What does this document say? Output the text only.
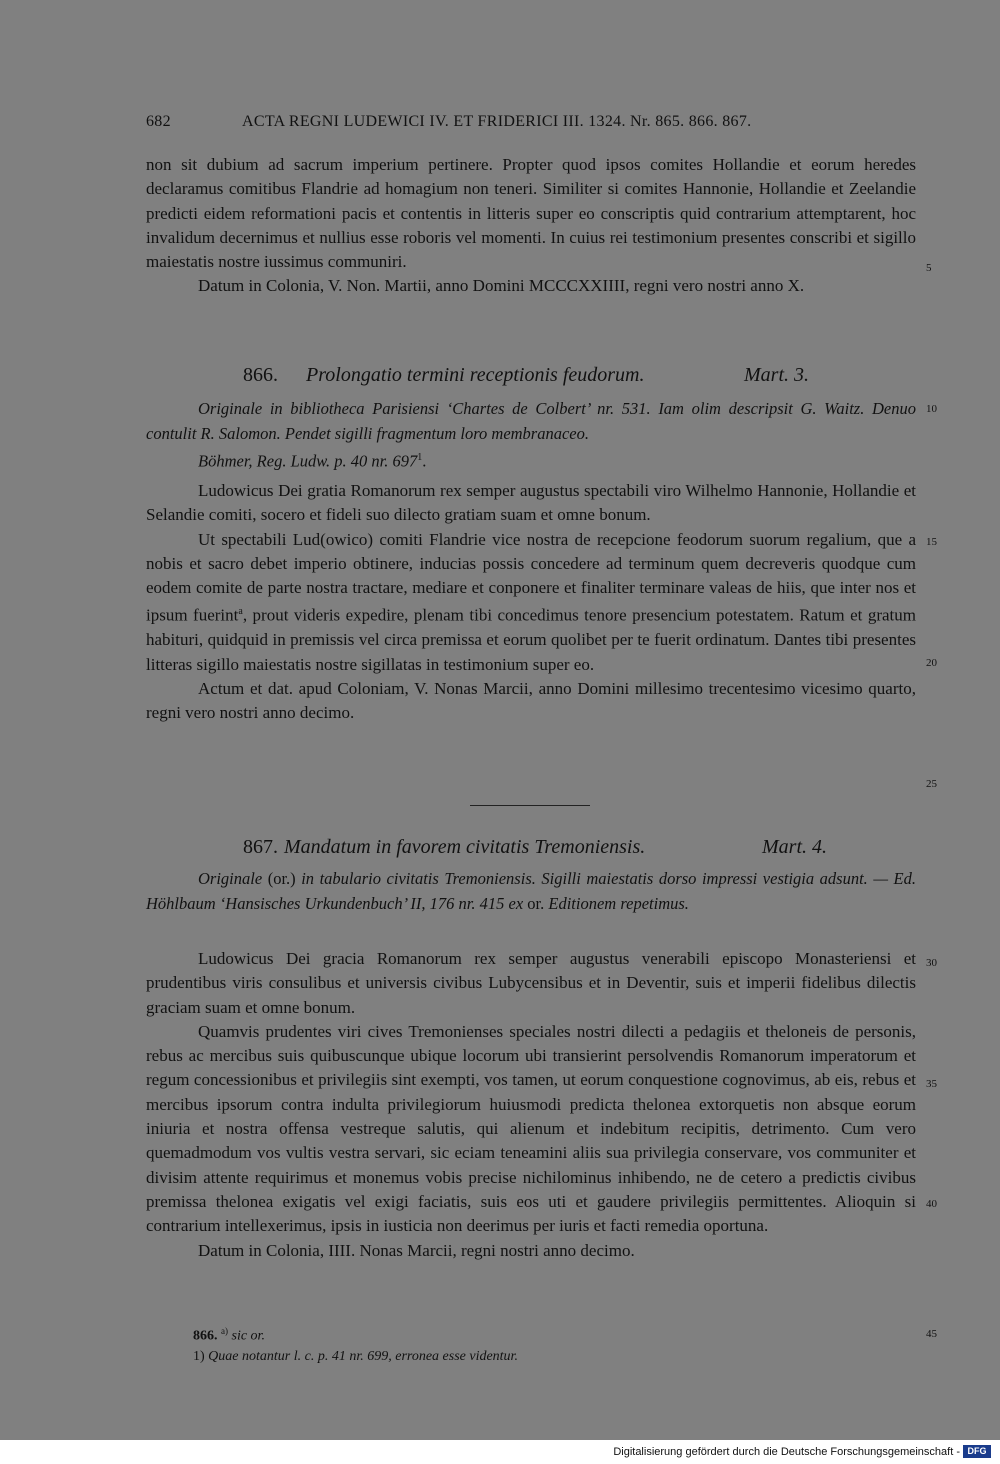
682	ACTA REGNI LUDEWICI IV. ET FRIDERICI III. 1324. Nr. 865. 866. 867.

non sit dubium ad sacrum imperium pertinere. Propter quod ipsos comites Hollandie et eorum heredes declaramus comitibus Flandrie ad homagium non teneri. Similiter si comites Hannonie, Hollandie et Zeelandie predicti eidem reformationi pacis et contentis in litteris super eo conscriptis quid contrarium attemptarent, hoc invalidum decernimus et nullius esse roboris vel momenti. In cuius rei testimonium presentes conscribi et sigillo maiestatis nostre iussimus communiri.

Datum in Colonia, V. Non. Martii, anno Domini MCCCXXIIII, regni vero nostri anno X.

866. Prolongatio termini receptionis feudorum.	Mart. 3.

Originale in bibliotheca Parisiensi ‘Chartes de Colbert’ nr. 531. Iam olim descripsit G. Waitz. Denuo contulit R. Salomon. Pendet sigilli fragmentum loro membranaceo.

Böhmer, Reg. Ludw. p. 40 nr. $697^1$.

Ludowicus Dei gratia Romanorum rex semper augustus spectabili viro Wilhelmo Hannonie, Hollandie et Selandie comiti, socero et fideli suo dilecto gratiam suam et omne bonum.

Ut spectabili Lud(owico) comiti Flandrie vice nostra de recepcione feodorum suorum regalium, que a nobis et sacro debet imperio obtinere, inducias possis concedere ad terminum quem decreveris quodque cum eodem comite de parte nostra tractare, mediare et conponere et finaliter terminare valeas de hiis, que inter nos et ipsum fuerint$^a$, prout videris expedire, plenam tibi concedimus tenore presencium potestatem. Ratum et gratum habituri, quidquid in premissis vel circa premissa et eorum quolibet per te fuerit ordinatum. Dantes tibi presentes litteras sigillo maiestatis nostre sigillatas in testimonium super eo.

Actum et dat. apud Coloniam, V. Nonas Marcii, anno Domini millesimo trecentesimo vicesimo quarto, regni vero nostri anno decimo.

867. Mandatum in favorem civitatis Tremoniensis.	Mart. 4.

Originale (or.) in tabulario civitatis Tremoniensis. Sigilli maiestatis dorso impressi vestigia adsunt. — Ed. Höhlbaum ‘Hansisches Urkundenbuch’ II, 176 nr. 415 ex or. Editionem repetimus.

Ludowicus Dei gracia Romanorum rex semper augustus venerabili episcopo Monasteriensi et prudentibus viris consulibus et universis civibus Lubycensibus et in Deventir, suis et imperii fidelibus dilectis graciam suam et omne bonum.

Quamvis prudentes viri cives Tremonienses speciales nostri dilecti a pedagiis et theloneis de personis, rebus ac mercibus suis quibuscunque ubique locorum ubi transierint persolvendis Romanorum imperatorum et regum concessionibus et privilegiis sint exempti, vos tamen, ut eorum conquestione cognovimus, ab eis, rebus et mercibus ipsorum contra indulta privilegiorum huiusmodi predicta thelonea extorquetis non absque eorum iniuria et nostra offensa vestreque salutis, qui alienum et indebitum recipitis, detrimento. Cum vero quemadmodum vos vultis vestra servari, sic eciam teneamini aliis sua privilegia conservare, vos communiter et divisim attente requirimus et monemus vobis precise nichilominus inhibendo, ne de cetero a predictis civibus premissa thelonea exigatis vel exigi faciatis, suis eos uti et gaudere privilegiis permittentes. Alioquin si contrarium intellexerimus, ipsis in iusticia non deerimus per iuris et facti remedia oportuna.

Datum in Colonia, IIII. Nonas Marcii, regni nostri anno decimo.

866. $^{a)}$ sic or.
1) Quae notantur l. c. p. 41 nr. 699, erronea esse videntur.
5
10
15
20
25
30
35
40
45
Digitalisierung gefördert durch die Deutsche Forschungsgemeinschaft - DFG
